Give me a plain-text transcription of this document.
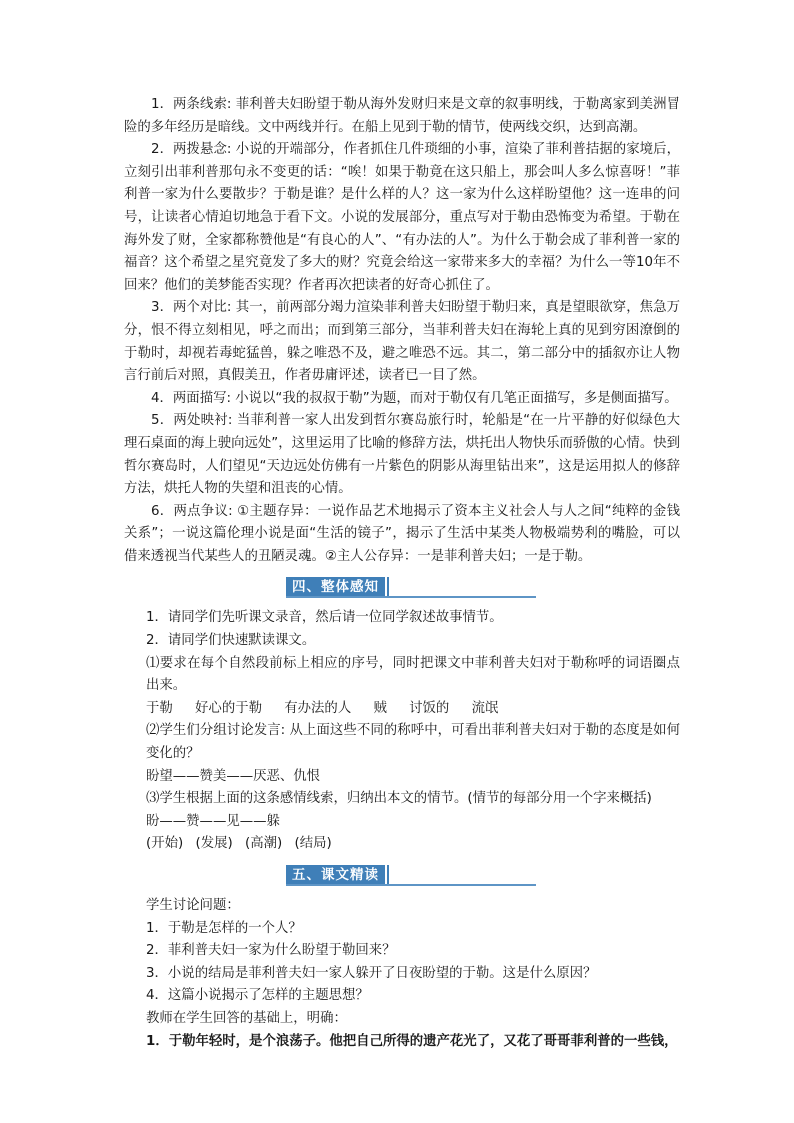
1．两条线索: 菲利普夫妇盼望于勒从海外发财归来是文章的叙事明线，于勒离家到美洲冒险的多年经历是暗线。文中两线并行。在船上见到于勒的情节，使两线交织，达到高潮。

2．两拨悬念: 小说的开端部分，作者抓住几件琐细的小事，渲染了菲利普拮据的家境后，立刻引出菲利普那句永不变更的话：“唉！如果于勒竟在这只船上，那会叫人多么惊喜呀！”菲利普一家为什么要散步？于勒是谁？是什么样的人？这一家为什么这样盼望他？这一连串的问号，让读者心情迫切地急于看下文。小说的发展部分，重点写对于勒由恐怖变为希望。于勒在海外发了财，全家都称赞他是“有良心的人”、“有办法的人”。为什么于勒会成了菲利普一家的福音？这个希望之星究竟发了多大的财？究竟会给这一家带来多大的幸福？为什么一等10年不回来？他们的美梦能否实现？作者再次把读者的好奇心抓住了。

3．两个对比: 其一，前两部分竭力渲染菲利普夫妇盼望于勒归来，真是望眼欲穿，焦急万分，恨不得立刻相见，呼之而出；而到第三部分，当菲利普夫妇在海轮上真的见到穷困潦倒的于勒时，却视若毒蛇猛兽，躲之唯恐不及，避之唯恐不远。其二，第二部分中的插叙亦让人物言行前后对照，真假美丑，作者毋庸评述，读者已一目了然。

4．两面描写: 小说以“我的叔叔于勒”为题，而对于勒仅有几笔正面描写，多是侧面描写。

5．两处映衬: 当菲利普一家人出发到哲尔赛岛旅行时，轮船是“在一片平静的好似绿色大理石桌面的海上驶向远处”，这里运用了比喻的修辞方法，烘托出人物快乐而骄傲的心情。快到哲尔赛岛时，人们望见“天边远处仿佛有一片紫色的阴影从海里钻出来”，这是运用拟人的修辞方法，烘托人物的失望和沮丧的心情。

6．两点争议: ①主题存异：一说作品艺术地揭示了资本主义社会人与人之间“纯粹的金钱关系”；一说这篇伦理小说是面“生活的镜子”，揭示了生活中某类人物极端势利的嘴脸，可以借来透视当代某些人的丑陋灵魂。②主人公存异：一是菲利普夫妇；一是于勒。

四、整体感知

1．请同学们先听课文录音，然后请一位同学叙述故事情节。

2．请同学们快速默读课文。

⑴要求在每个自然段前标上相应的序号，同时把课文中菲利普夫妇对于勒称呼的词语圈点出来。

于勒 好心的于勒 有办法的人 贼 讨饭的 流氓

⑵学生们分组讨论发言: 从上面这些不同的称呼中，可看出菲利普夫妇对于勒的态度是如何变化的？

盼望——赞美——厌恶、仇恨

⑶学生根据上面的这条感情线索，归纳出本文的情节。(情节的每部分用一个字来概括)

盼——赞——见——躲

(开始) (发展) (高潮) (结局)

五、课文精读

学生讨论问题：

1．于勒是怎样的一个人？

2．菲利普夫妇一家为什么盼望于勒回来？

3．小说的结局是菲利普夫妇一家人躲开了日夜盼望的于勒。这是什么原因？

4．这篇小说揭示了怎样的主题思想？

教师在学生回答的基础上，明确：

1．于勒年轻时，是个浪荡子。他把自己所得的遗产花光了，又花了哥哥菲利普的一些钱，
